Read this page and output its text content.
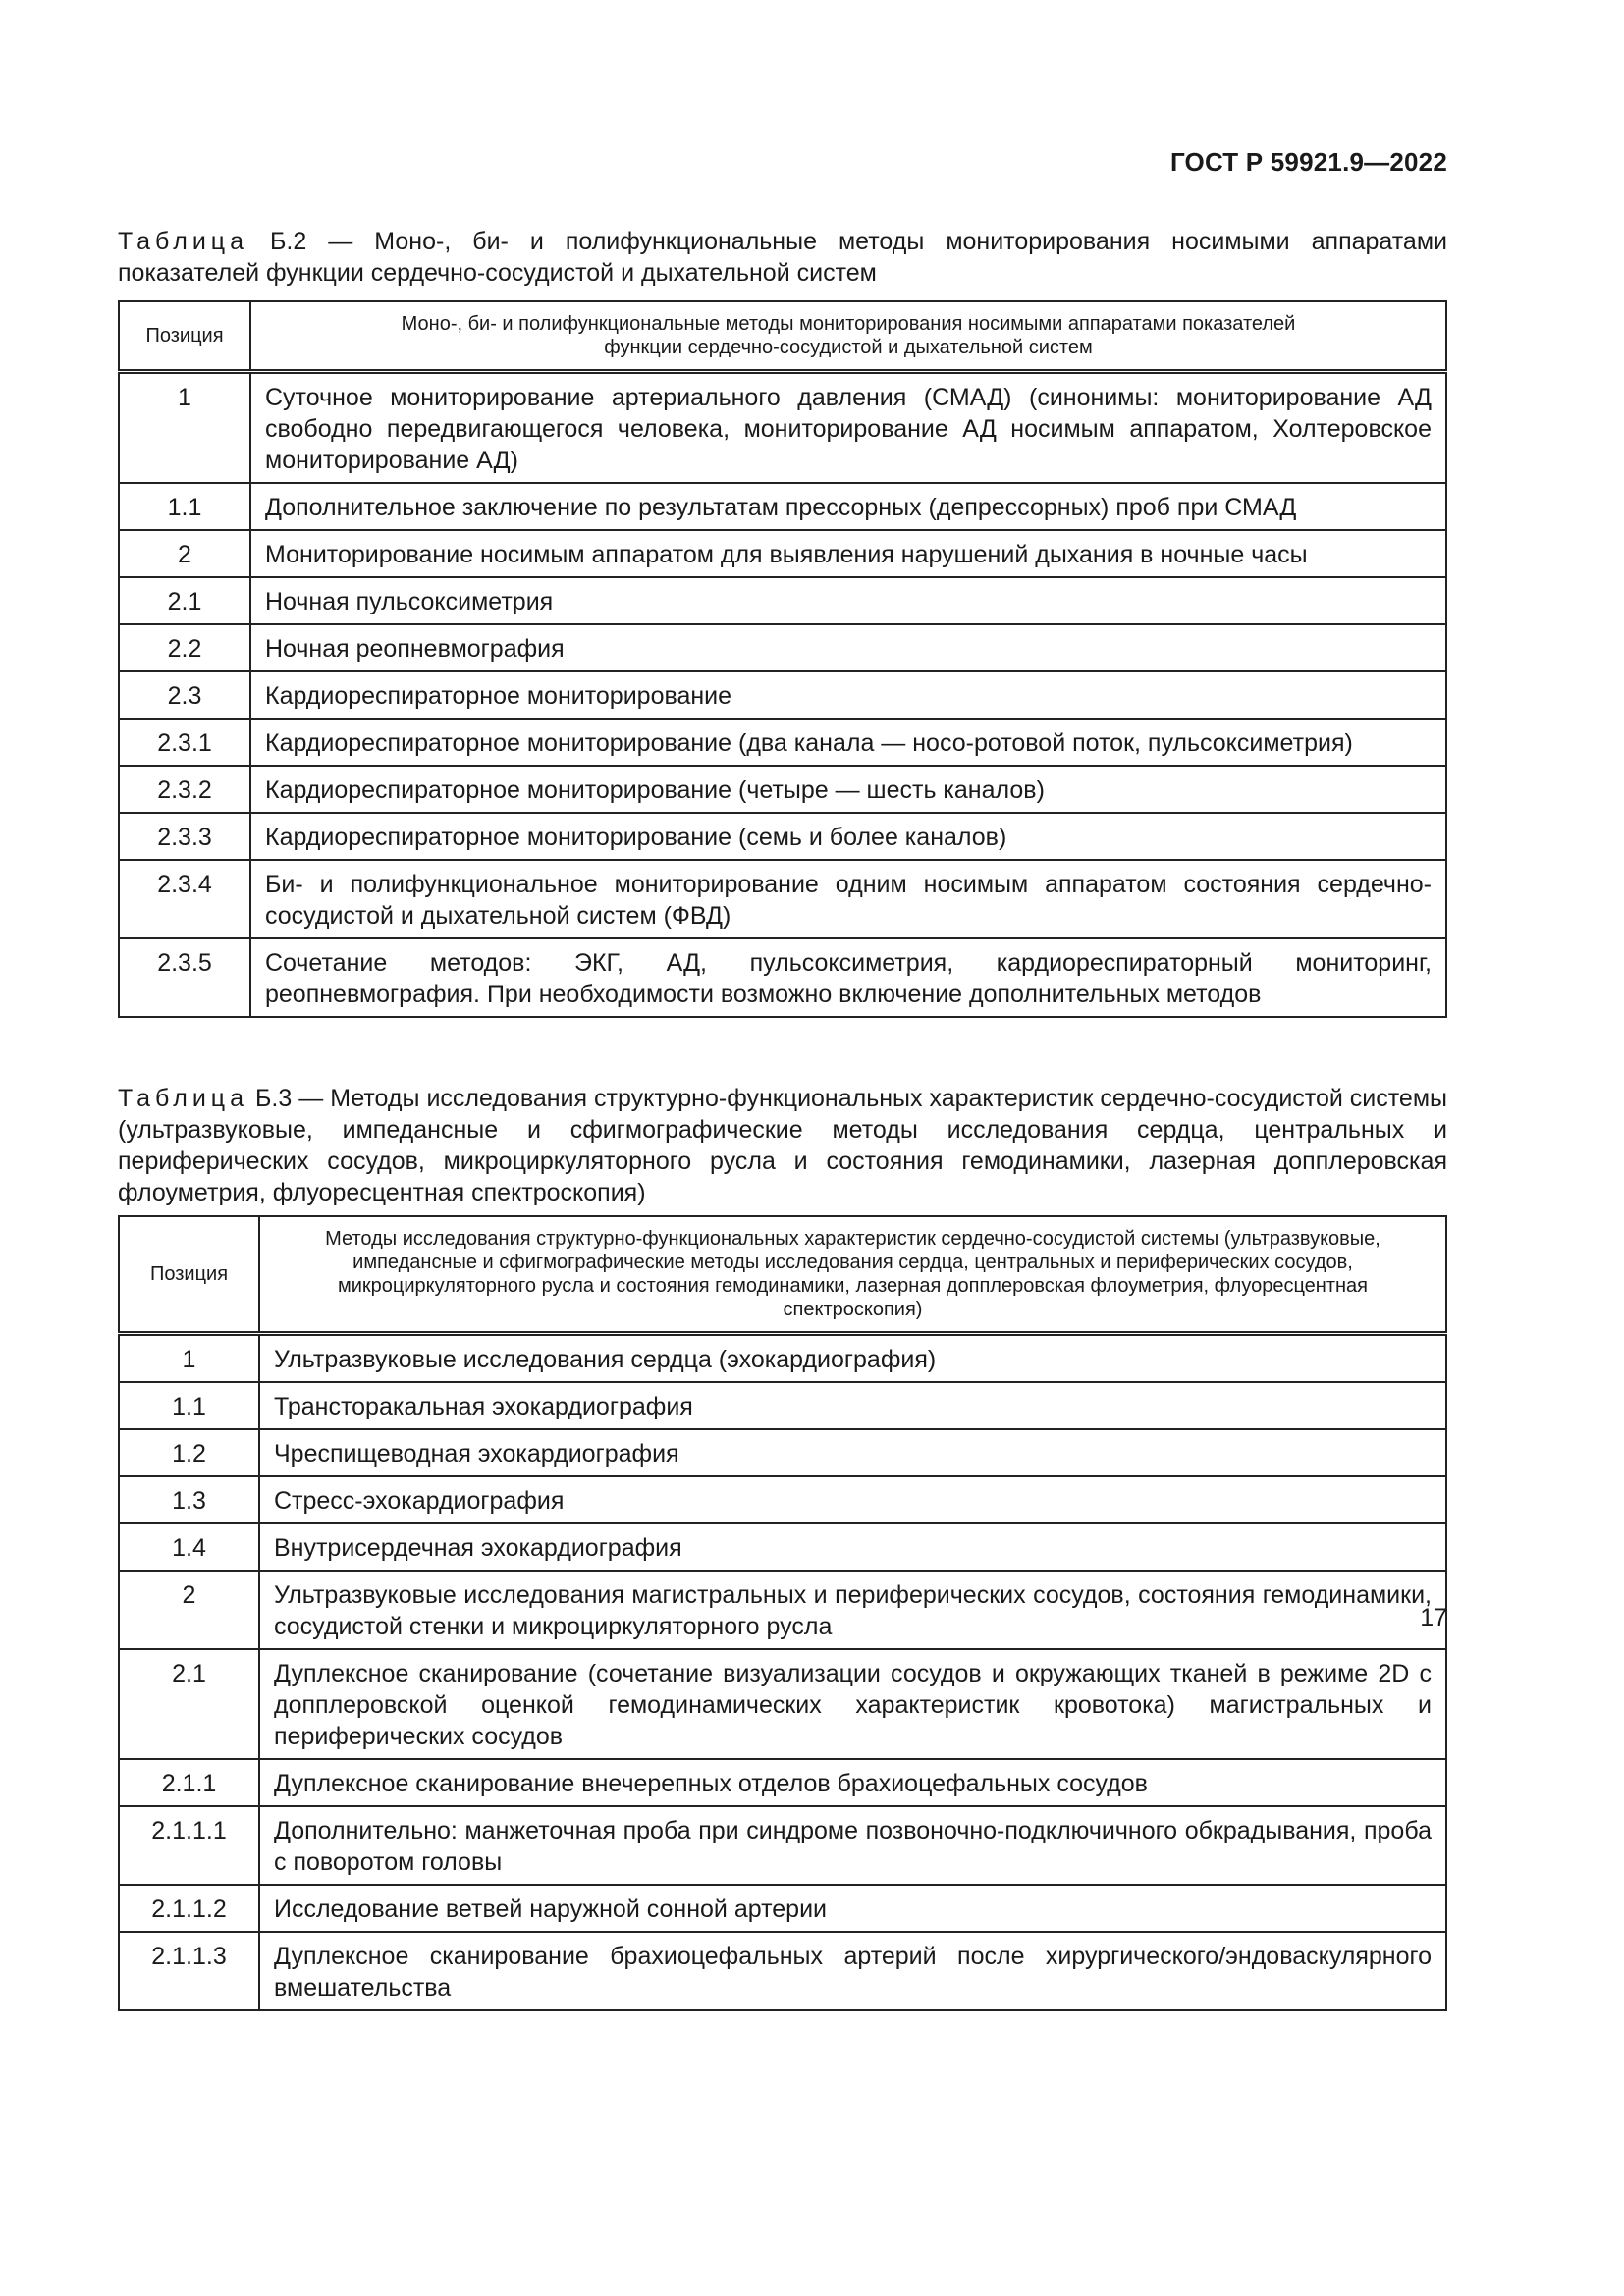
ГОСТ Р 59921.9—2022
Таблица Б.2 — Моно-, би- и полифункциональные методы мониторирования носимыми аппаратами показателей функции сердечно-сосудистой и дыхательной систем
Позиция	Моно-, би- и полифункциональные методы мониторирования носимыми аппаратами показателей функции сердечно-сосудистой и дыхательной систем
1	Суточное мониторирование артериального давления (СМАД) (синонимы: мониторирование АД свободно передвигающегося человека, мониторирование АД носимым аппаратом, Холтеровское мониторирование АД)
1.1	Дополнительное заключение по результатам прессорных (депрессорных) проб при СМАД
2	Мониторирование носимым аппаратом для выявления нарушений дыхания в ночные часы
2.1	Ночная пульсоксиметрия
2.2	Ночная реопневмография
2.3	Кардиореспираторное мониторирование
2.3.1	Кардиореспираторное мониторирование (два канала — носо-ротовой поток, пульсоксиметрия)
2.3.2	Кардиореспираторное мониторирование (четыре — шесть каналов)
2.3.3	Кардиореспираторное мониторирование (семь и более каналов)
2.3.4	Би- и полифункциональное мониторирование одним носимым аппаратом состояния сердечно-сосудистой и дыхательной систем (ФВД)
2.3.5	Сочетание методов: ЭКГ, АД, пульсоксиметрия, кардиореспираторный мониторинг, реопневмография. При необходимости возможно включение дополнительных методов
Таблица Б.3 — Методы исследования структурно-функциональных характеристик сердечно-сосудистой системы (ультразвуковые, импедансные и сфигмографические методы исследования сердца, центральных и периферических сосудов, микроциркуляторного русла и состояния гемодинамики, лазерная допплеровская флоуметрия, флуоресцентная спектроскопия)
Позиция	Методы исследования структурно-функциональных характеристик сердечно-сосудистой системы (ультразвуковые, импедансные и сфигмографические методы исследования сердца, центральных и периферических сосудов, микроциркуляторного русла и состояния гемодинамики, лазерная допплеровская флоуметрия, флуоресцентная спектроскопия)
1	Ультразвуковые исследования сердца (эхокардиография)
1.1	Трансторакальная эхокардиография
1.2	Чреспищеводная эхокардиография
1.3	Стресс-эхокардиография
1.4	Внутрисердечная эхокардиография
2	Ультразвуковые исследования магистральных и периферических сосудов, состояния гемодинамики, сосудистой стенки и микроциркуляторного русла
2.1	Дуплексное сканирование (сочетание визуализации сосудов и окружающих тканей в режиме 2D с допплеровской оценкой гемодинамических характеристик кровотока) магистральных и периферических сосудов
2.1.1	Дуплексное сканирование внечерепных отделов брахиоцефальных сосудов
2.1.1.1	Дополнительно: манжеточная проба при синдроме позвоночно-подключичного обкрадывания, проба с поворотом головы
2.1.1.2	Исследование ветвей наружной сонной артерии
2.1.1.3	Дуплексное сканирование брахиоцефальных артерий после хирургического/эндоваскулярного вмешательства
17
